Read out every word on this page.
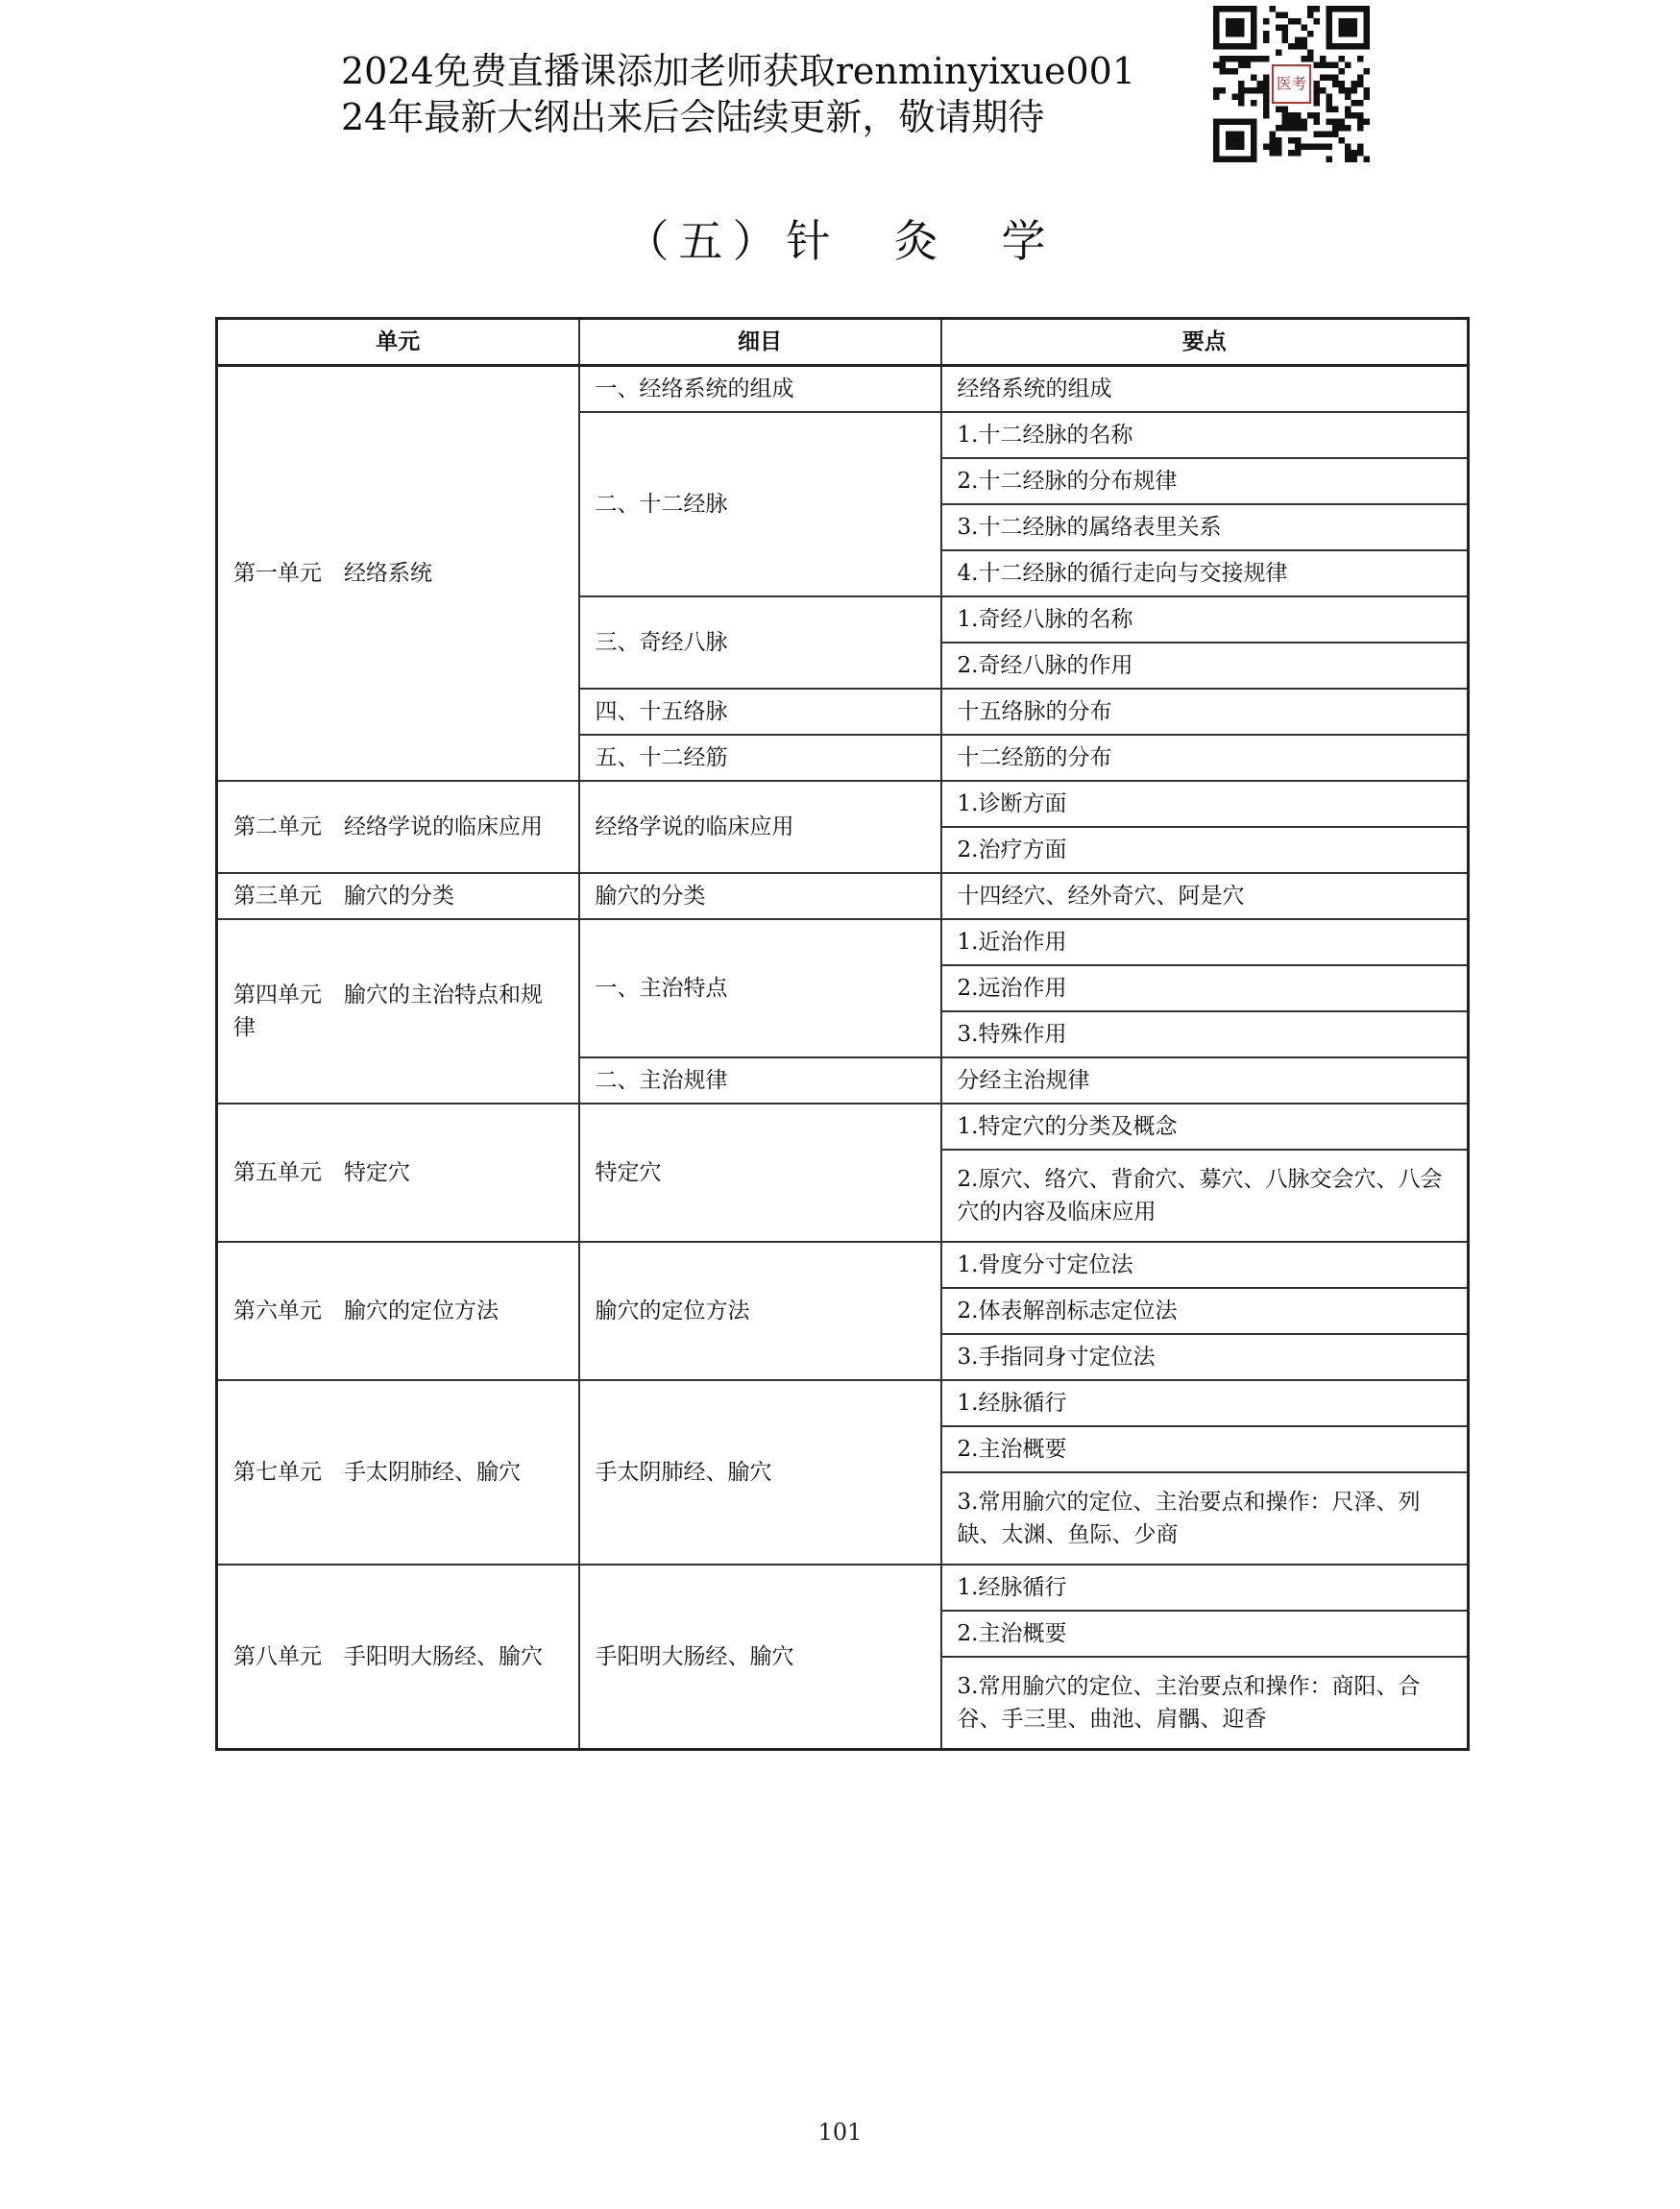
2024免费直播课添加老师获取renminyixue001
24年最新大纲出来后会陆续更新，敬请期待
医考
（五）针　灸　学
单元	细目	要点
第一单元　经络系统	一、经络系统的组成	经络系统的组成
	二、十二经脉	1.十二经脉的名称
		2.十二经脉的分布规律
		3.十二经脉的属络表里关系
		4.十二经脉的循行走向与交接规律
	三、奇经八脉	1.奇经八脉的名称
		2.奇经八脉的作用
	四、十五络脉	十五络脉的分布
	五、十二经筋	十二经筋的分布
第二单元　经络学说的临床应用	经络学说的临床应用	1.诊断方面
		2.治疗方面
第三单元　腧穴的分类	腧穴的分类	十四经穴、经外奇穴、阿是穴
第四单元　腧穴的主治特点和规律	一、主治特点	1.近治作用
		2.远治作用
		3.特殊作用
	二、主治规律	分经主治规律
第五单元　特定穴	特定穴	1.特定穴的分类及概念
		2.原穴、络穴、背俞穴、募穴、八脉交会穴、八会穴的内容及临床应用
第六单元　腧穴的定位方法	腧穴的定位方法	1.骨度分寸定位法
		2.体表解剖标志定位法
		3.手指同身寸定位法
第七单元　手太阴肺经、腧穴	手太阴肺经、腧穴	1.经脉循行
		2.主治概要
		3.常用腧穴的定位、主治要点和操作：尺泽、列缺、太渊、鱼际、少商
第八单元　手阳明大肠经、腧穴	手阳明大肠经、腧穴	1.经脉循行
		2.主治概要
		3.常用腧穴的定位、主治要点和操作：商阳、合谷、手三里、曲池、肩髃、迎香
101
